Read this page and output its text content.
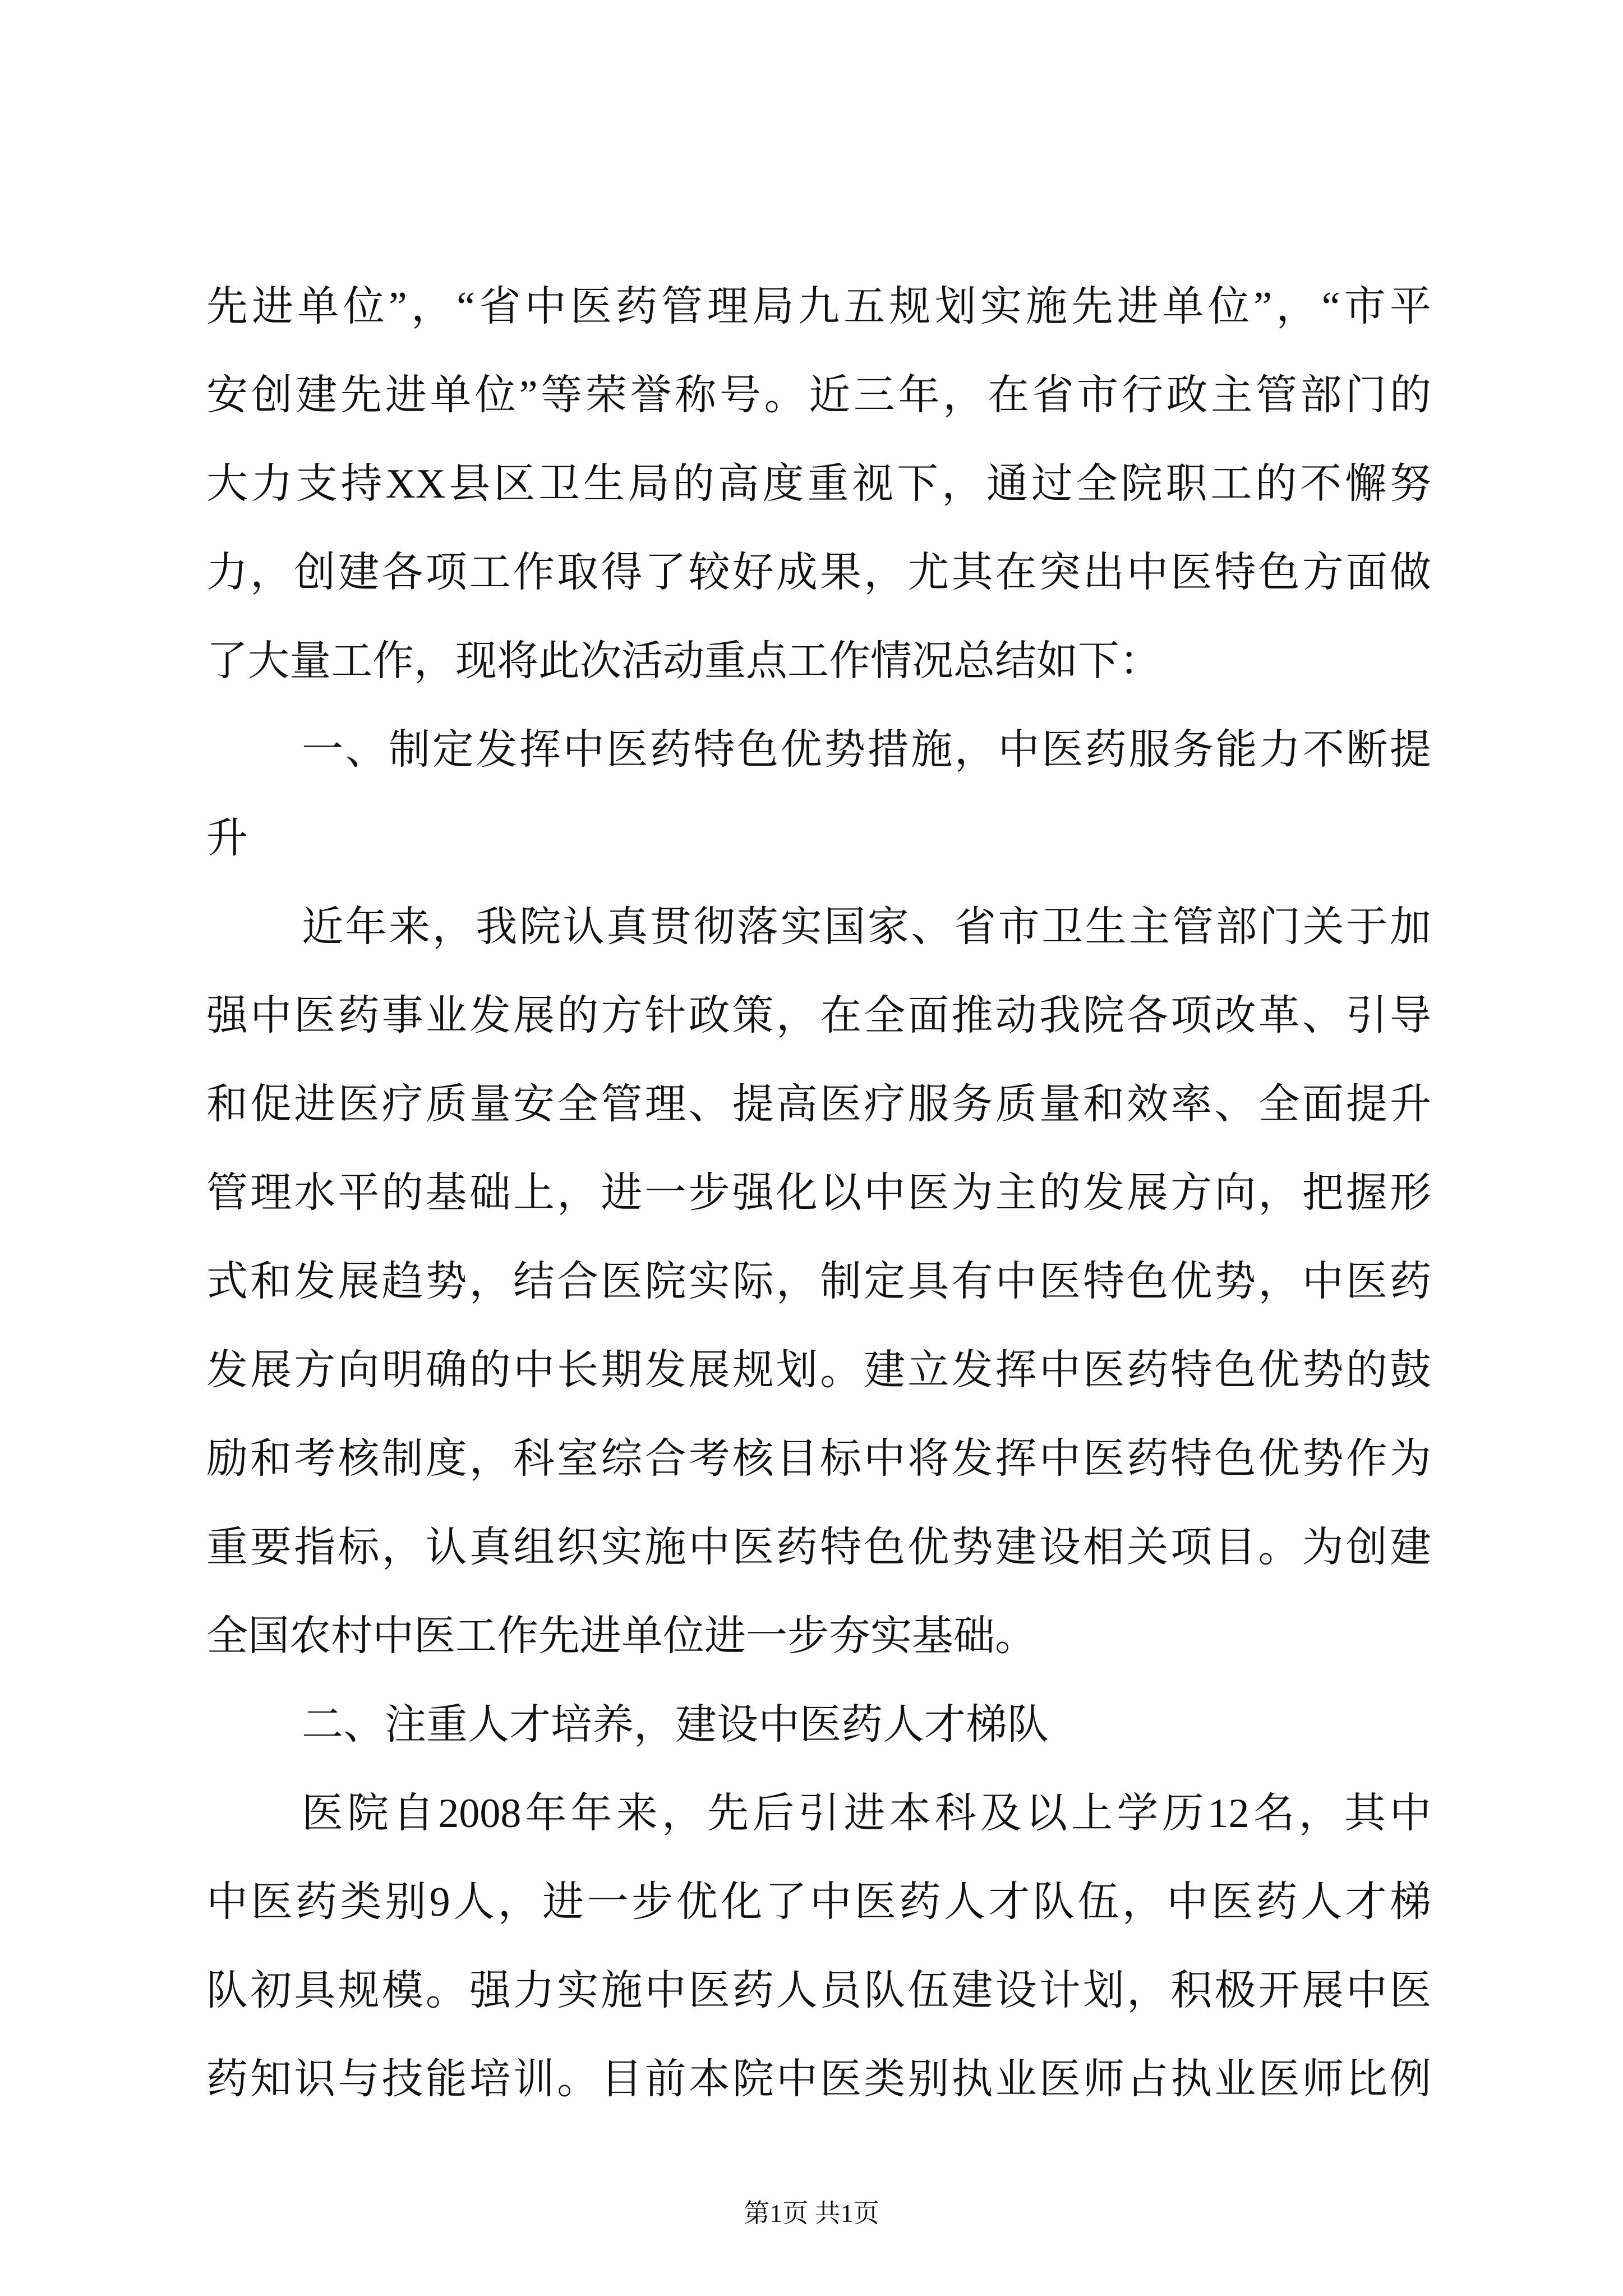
先进单位”，“省中医药管理局九五规划实施先进单位”，“市平
安创建先进单位”等荣誉称号。近三年，在省市行政主管部门的
大力支持XX县区卫生局的高度重视下，通过全院职工的不懈努
力，创建各项工作取得了较好成果，尤其在突出中医特色方面做
了大量工作，现将此次活动重点工作情况总结如下：
一、制定发挥中医药特色优势措施，中医药服务能力不断提
升
近年来，我院认真贯彻落实国家、省市卫生主管部门关于加
强中医药事业发展的方针政策，在全面推动我院各项改革、引导
和促进医疗质量安全管理、提高医疗服务质量和效率、全面提升
管理水平的基础上，进一步强化以中医为主的发展方向，把握形
式和发展趋势，结合医院实际，制定具有中医特色优势，中医药
发展方向明确的中长期发展规划。建立发挥中医药特色优势的鼓
励和考核制度，科室综合考核目标中将发挥中医药特色优势作为
重要指标，认真组织实施中医药特色优势建设相关项目。为创建
全国农村中医工作先进单位进一步夯实基础。
二、注重人才培养，建设中医药人才梯队
医院自2008年年来，先后引进本科及以上学历12名，其中
中医药类别9人，进一步优化了中医药人才队伍，中医药人才梯
队初具规模。强力实施中医药人员队伍建设计划，积极开展中医
药知识与技能培训。目前本院中医类别执业医师占执业医师比例
第1页 共1页
